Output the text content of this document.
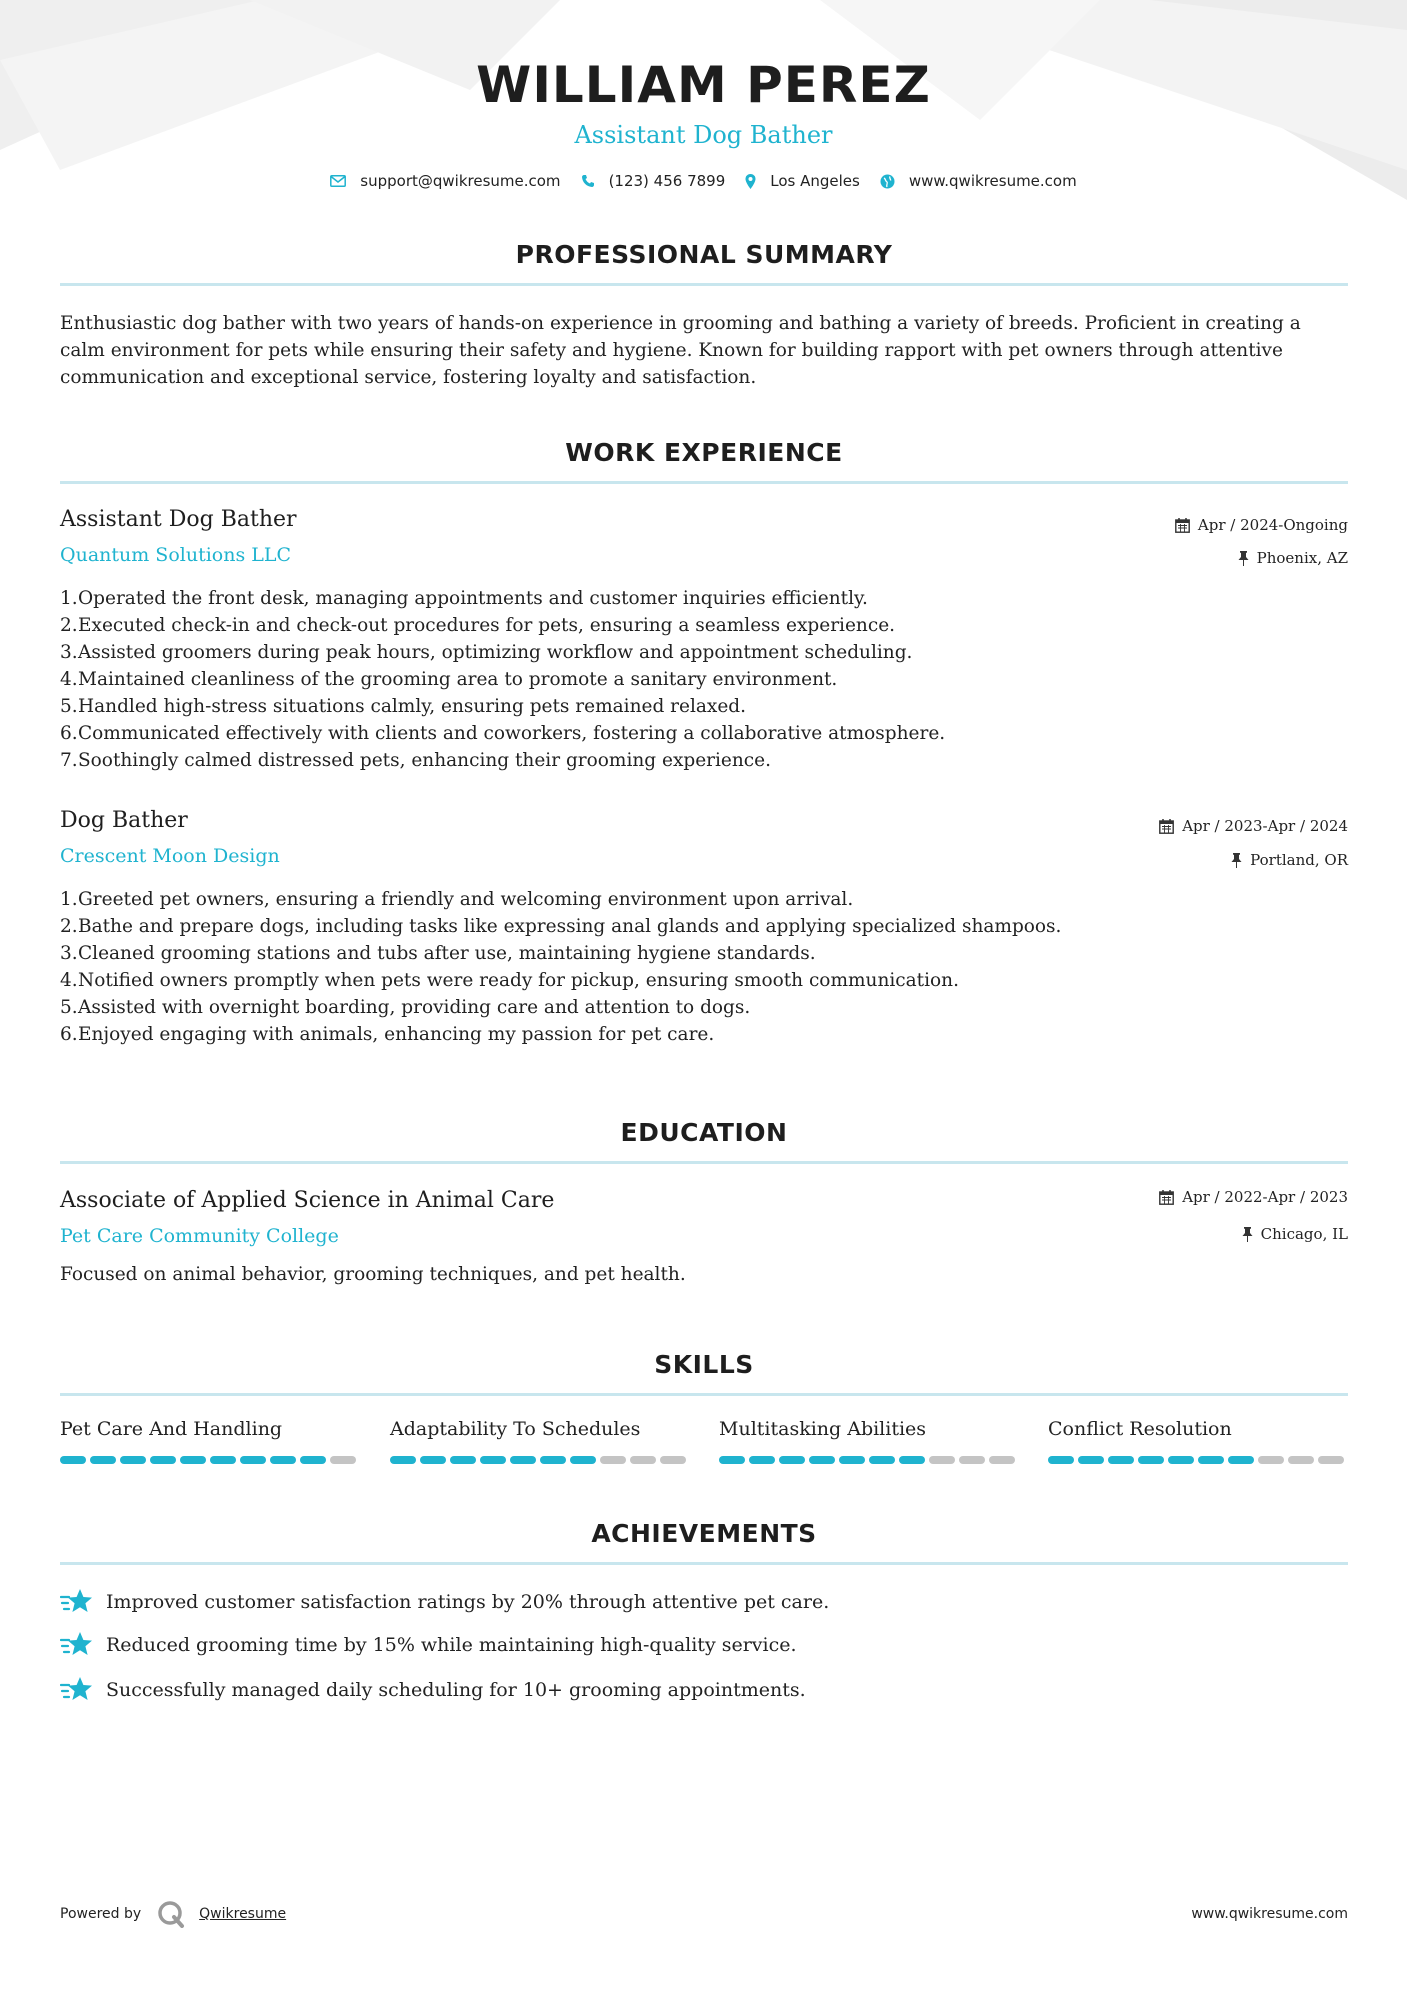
WILLIAM PEREZ
Assistant Dog Bather
support@qwikresume.com	(123) 456 7899	Los Angeles	www.qwikresume.com
PROFESSIONAL SUMMARY
Enthusiastic dog bather with two years of hands-on experience in grooming and bathing a variety of breeds. Proficient in creating a calm environment for pets while ensuring their safety and hygiene. Known for building rapport with pet owners through attentive communication and exceptional service, fostering loyalty and satisfaction.
WORK EXPERIENCE
Assistant Dog Bather
Quantum Solutions LLC
Apr / 2024-Ongoing
Phoenix, AZ
1. Operated the front desk, managing appointments and customer inquiries efficiently.
2. Executed check-in and check-out procedures for pets, ensuring a seamless experience.
3. Assisted groomers during peak hours, optimizing workflow and appointment scheduling.
4. Maintained cleanliness of the grooming area to promote a sanitary environment.
5. Handled high-stress situations calmly, ensuring pets remained relaxed.
6. Communicated effectively with clients and coworkers, fostering a collaborative atmosphere.
7. Soothingly calmed distressed pets, enhancing their grooming experience.
Dog Bather
Crescent Moon Design
Apr / 2023-Apr / 2024
Portland, OR
1. Greeted pet owners, ensuring a friendly and welcoming environment upon arrival.
2. Bathe and prepare dogs, including tasks like expressing anal glands and applying specialized shampoos.
3. Cleaned grooming stations and tubs after use, maintaining hygiene standards.
4. Notified owners promptly when pets were ready for pickup, ensuring smooth communication.
5. Assisted with overnight boarding, providing care and attention to dogs.
6. Enjoyed engaging with animals, enhancing my passion for pet care.
EDUCATION
Associate of Applied Science in Animal Care
Pet Care Community College
Apr / 2022-Apr / 2023
Chicago, IL
Focused on animal behavior, grooming techniques, and pet health.
SKILLS
Pet Care And Handling	Adaptability To Schedules	Multitasking Abilities	Conflict Resolution
ACHIEVEMENTS
Improved customer satisfaction ratings by 20% through attentive pet care.
Reduced grooming time by 15% while maintaining high-quality service.
Successfully managed daily scheduling for 10+ grooming appointments.
Powered by	Qwikresume	www.qwikresume.com
